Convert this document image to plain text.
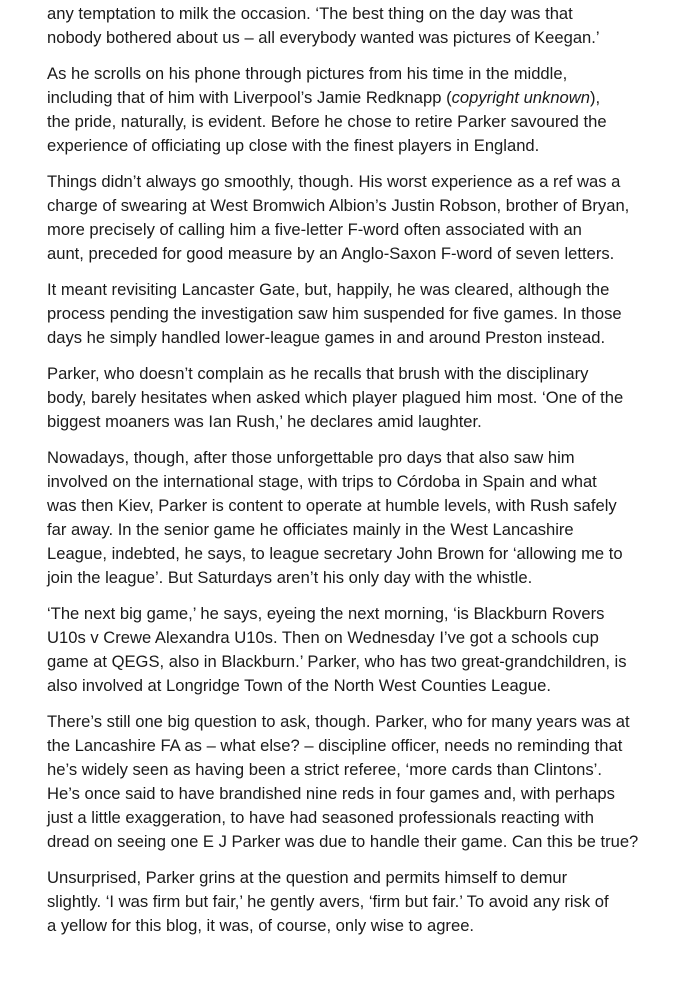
any temptation to milk the occasion. ‘The best thing on the day was that
nobody bothered about us – all everybody wanted was pictures of Keegan.’

As he scrolls on his phone through pictures from his time in the middle,
including that of him with Liverpool’s Jamie Redknapp (copyright unknown),
the pride, naturally, is evident. Before he chose to retire Parker savoured the
experience of officiating up close with the finest players in England.

Things didn’t always go smoothly, though. His worst experience as a ref was a
charge of swearing at West Bromwich Albion’s Justin Robson, brother of Bryan,
more precisely of calling him a five-letter F-word often associated with an
aunt, preceded for good measure by an Anglo-Saxon F-word of seven letters.

It meant revisiting Lancaster Gate, but, happily, he was cleared, although the
process pending the investigation saw him suspended for five games. In those
days he simply handled lower-league games in and around Preston instead.

Parker, who doesn’t complain as he recalls that brush with the disciplinary
body, barely hesitates when asked which player plagued him most. ‘One of the
biggest moaners was Ian Rush,’ he declares amid laughter.

Nowadays, though, after those unforgettable pro days that also saw him
involved on the international stage, with trips to Córdoba in Spain and what
was then Kiev, Parker is content to operate at humble levels, with Rush safely
far away. In the senior game he officiates mainly in the West Lancashire
League, indebted, he says, to league secretary John Brown for ‘allowing me to
join the league’. But Saturdays aren’t his only day with the whistle.

‘The next big game,’ he says, eyeing the next morning, ‘is Blackburn Rovers
U10s v Crewe Alexandra U10s. Then on Wednesday I’ve got a schools cup
game at QEGS, also in Blackburn.’ Parker, who has two great-grandchildren, is
also involved at Longridge Town of the North West Counties League.

There’s still one big question to ask, though. Parker, who for many years was at
the Lancashire FA as – what else? – discipline officer, needs no reminding that
he’s widely seen as having been a strict referee, ‘more cards than Clintons’.
He’s once said to have brandished nine reds in four games and, with perhaps
just a little exaggeration, to have had seasoned professionals reacting with
dread on seeing one E J Parker was due to handle their game. Can this be true?

Unsurprised, Parker grins at the question and permits himself to demur
slightly. ‘I was firm but fair,’ he gently avers, ‘firm but fair.’ To avoid any risk of
a yellow for this blog, it was, of course, only wise to agree.
